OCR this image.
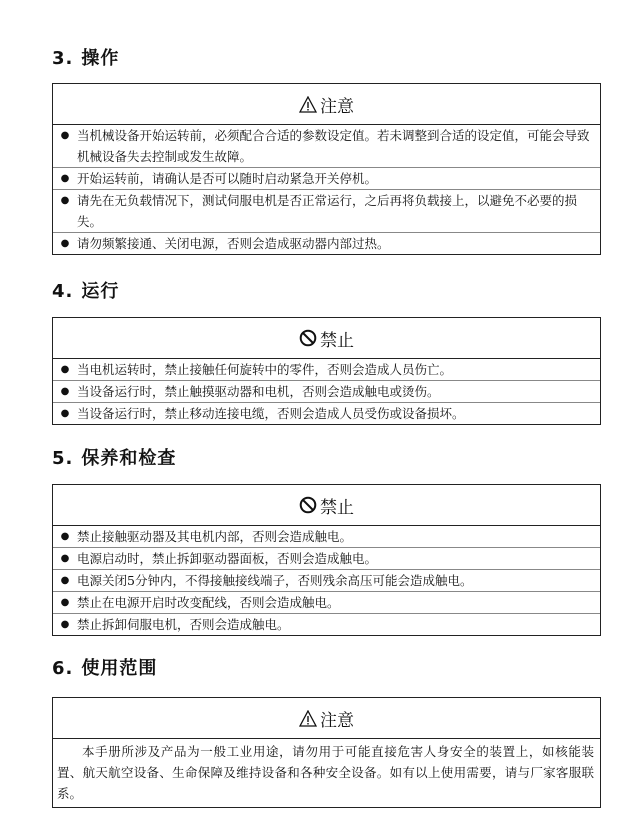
3. 操作
注意
● 当机械设备开始运转前，必须配合合适的参数设定值。若未调整到合适的设定值，可能会导致机械设备失去控制或发生故障。
● 开始运转前，请确认是否可以随时启动紧急开关停机。
● 请先在无负载情况下，测试伺服电机是否正常运行，之后再将负载接上，以避免不必要的损失。
● 请勿频繁接通、关闭电源，否则会造成驱动器内部过热。
4. 运行
禁止
● 当电机运转时，禁止接触任何旋转中的零件，否则会造成人员伤亡。
● 当设备运行时，禁止触摸驱动器和电机，否则会造成触电或烫伤。
● 当设备运行时，禁止移动连接电缆，否则会造成人员受伤或设备损坏。
5. 保养和检查
禁止
● 禁止接触驱动器及其电机内部，否则会造成触电。
● 电源启动时，禁止拆卸驱动器面板，否则会造成触电。
● 电源关闭5分钟内，不得接触接线端子，否则残余高压可能会造成触电。
● 禁止在电源开启时改变配线，否则会造成触电。
● 禁止拆卸伺服电机，否则会造成触电。
6. 使用范围
注意
本手册所涉及产品为一般工业用途，请勿用于可能直接危害人身安全的装置上，如核能装置、航天航空设备、生命保障及维持设备和各种安全设备。如有以上使用需要，请与厂家客服联系。
